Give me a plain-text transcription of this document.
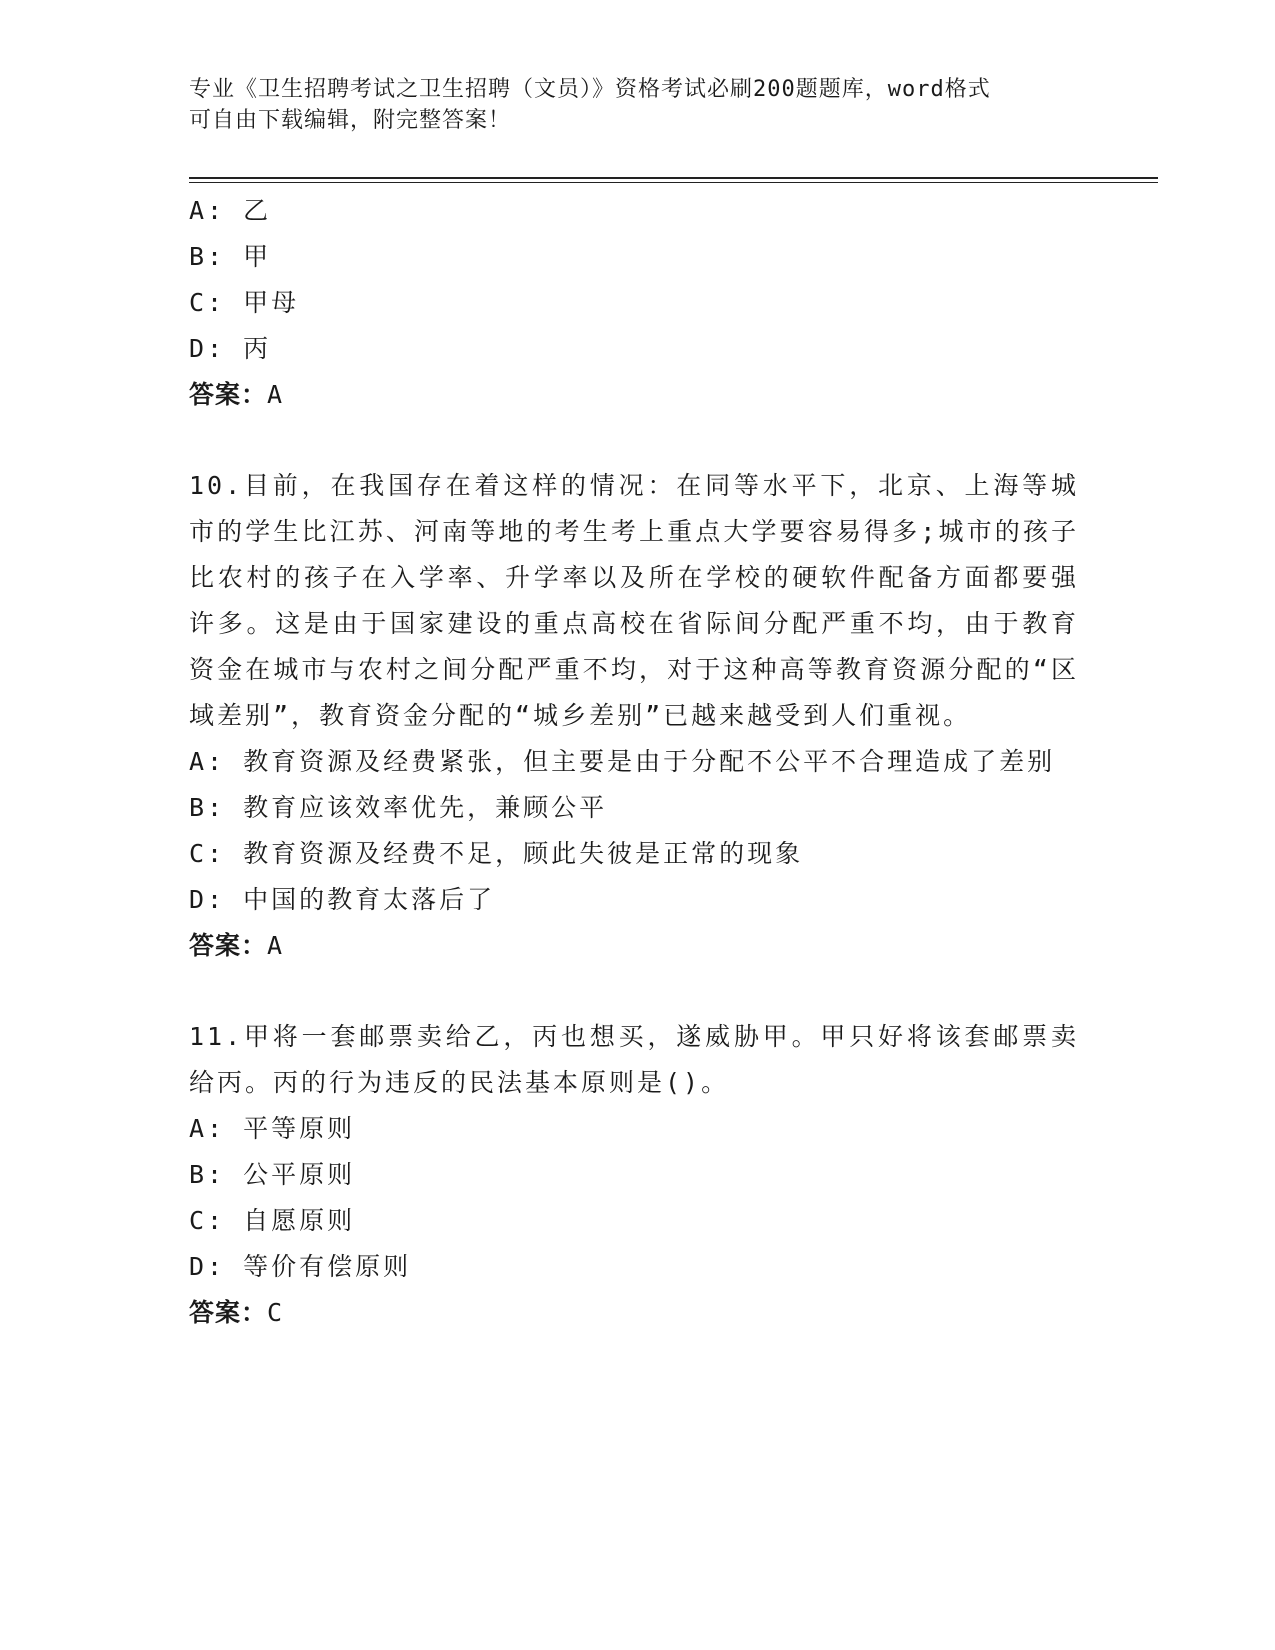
专业《卫生招聘考试之卫生招聘（文员）》资格考试必刷200题题库，word格式
可自由下载编辑，附完整答案！
A: 乙
B: 甲
C: 甲母
D: 丙
答案：A
10.目前，在我国存在着这样的情况：在同等水平下，北京、上海等城市的学生比江苏、河南等地的考生考上重点大学要容易得多;城市的孩子比农村的孩子在入学率、升学率以及所在学校的硬软件配备方面都要强许多。这是由于国家建设的重点高校在省际间分配严重不均，由于教育资金在城市与农村之间分配严重不均，对于这种高等教育资源分配的“区域差别”，教育资金分配的“城乡差别”已越来越受到人们重视。
A: 教育资源及经费紧张，但主要是由于分配不公平不合理造成了差别
B: 教育应该效率优先，兼顾公平
C: 教育资源及经费不足，顾此失彼是正常的现象
D: 中国的教育太落后了
答案：A
11.甲将一套邮票卖给乙，丙也想买，遂威胁甲。甲只好将该套邮票卖给丙。丙的行为违反的民法基本原则是()。
A: 平等原则
B: 公平原则
C: 自愿原则
D: 等价有偿原则
答案：C
